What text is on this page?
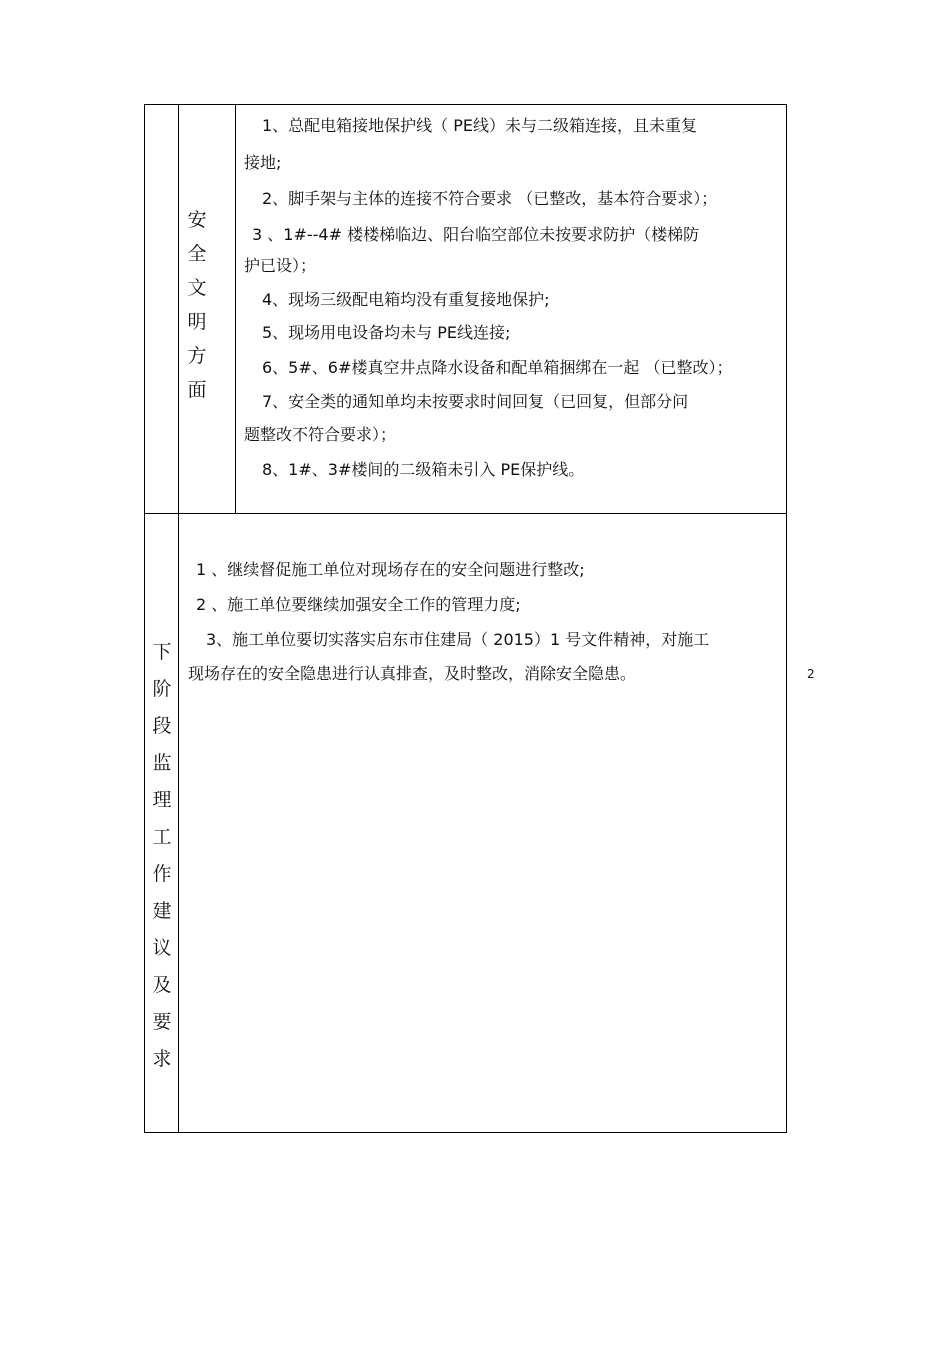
安
全
文
明
方
面
1、总配电箱接地保护线（ PE线）未与二级箱连接，且未重复
接地;
2、脚手架与主体的连接不符合要求 （已整改，基本符合要求）；
3 、1#--4# 楼楼梯临边、阳台临空部位未按要求防护（楼梯防
护已设）；
4、现场三级配电箱均没有重复接地保护;
5、现场用电设备均未与 PE线连接;
6、5#、6#楼真空井点降水设备和配单箱捆绑在一起 （已整改）；
7、安全类的通知单均未按要求时间回复（已回复，但部分问
题整改不符合要求）；
8、1#、3#楼间的二级箱未引入 PE保护线。
下
阶
段
监
理
工
作
建
议
及
要
求
1 、继续督促施工单位对现场存在的安全问题进行整改;
2 、施工单位要继续加强安全工作的管理力度;
3、施工单位要切实落实启东市住建局（ 2015）1 号文件精神，对施工
现场存在的安全隐患进行认真排查，及时整改，消除安全隐患。	2
